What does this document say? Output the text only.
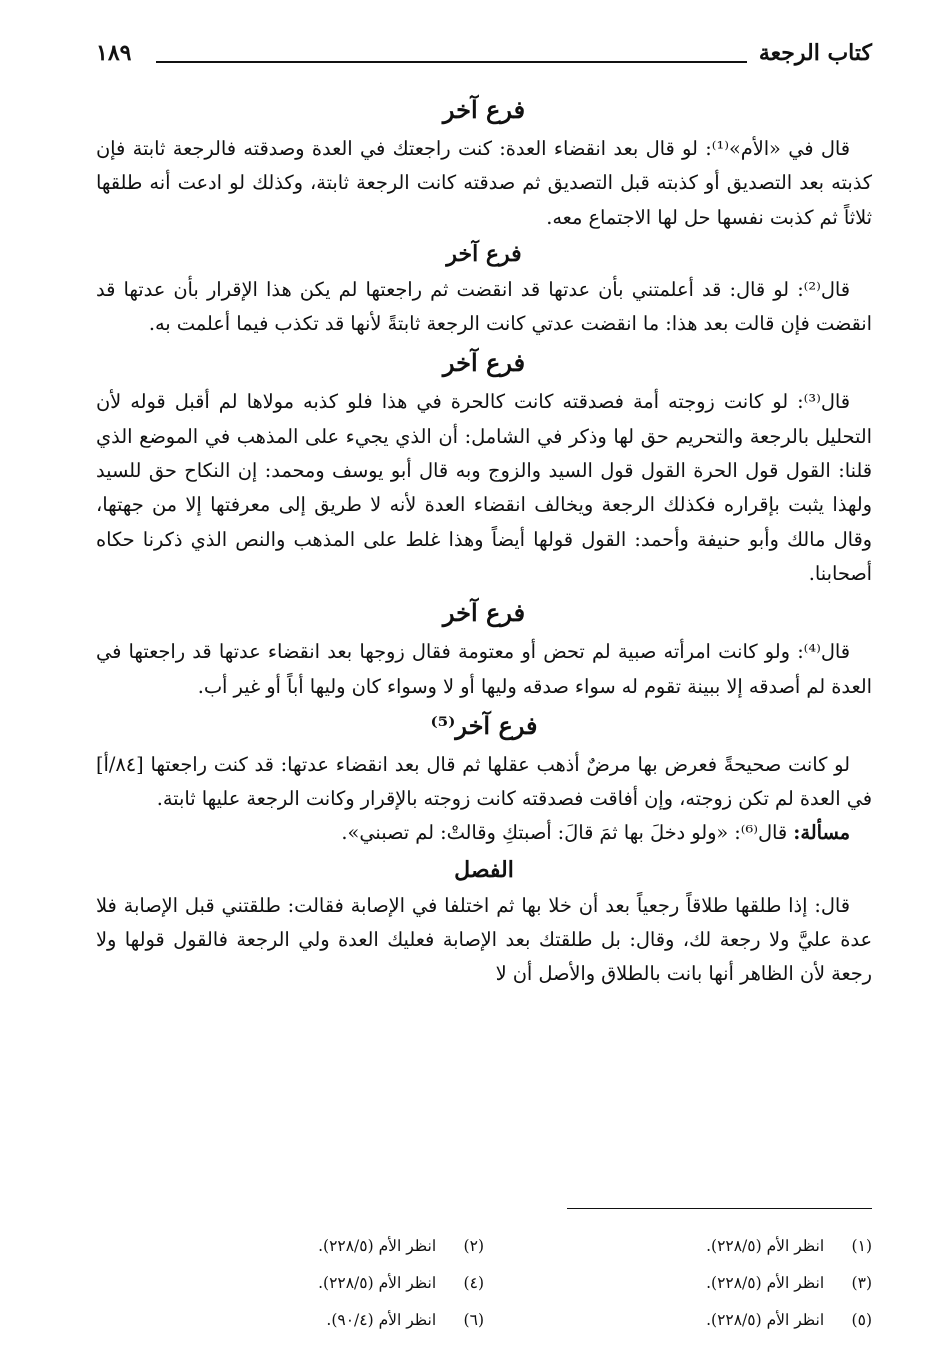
كتاب الرجعة
١٨٩
فرع آخر

قال في «الأم»⁽¹⁾: لو قال بعد انقضاء العدة: كنت راجعتك في العدة وصدقته فالرجعة ثابتة فإن كذبته بعد التصديق أو كذبته قبل التصديق ثم صدقته كانت الرجعة ثابتة، وكذلك لو ادعت أنه طلقها ثلاثاً ثم كذبت نفسها حل لها الاجتماع معه.

فرع آخر

قال⁽²⁾: لو قال: قد أعلمتني بأن عدتها قد انقضت ثم راجعتها لم يكن هذا الإقرار بأن عدتها قد انقضت فإن قالت بعد هذا: ما انقضت عدتي كانت الرجعة ثابتةً لأنها قد تكذب فيما أعلمت به.

فرع آخر

قال⁽³⁾: لو كانت زوجته أمة فصدقته كانت كالحرة في هذا فلو كذبه مولاها لم أقبل قوله لأن التحليل بالرجعة والتحريم حق لها وذكر في الشامل: أن الذي يجيء على المذهب في الموضع الذي قلنا: القول قول الحرة القول قول السيد والزوج وبه قال أبو يوسف ومحمد: إن النكاح حق للسيد ولهذا يثبت بإقراره فكذلك الرجعة ويخالف انقضاء العدة لأنه لا طريق إلى معرفتها إلا من جهتها، وقال مالك وأبو حنيفة وأحمد: القول قولها أيضاً وهذا غلط على المذهب والنص الذي ذكرنا حكاه أصحابنا.

فرع آخر

قال⁽⁴⁾: ولو كانت امرأته صبية لم تحض أو معتومة فقال زوجها بعد انقضاء عدتها قد راجعتها في العدة لم أصدقه إلا ببينة تقوم له سواء صدقه وليها أو لا وسواء كان وليها أباً أو غير أب.

فرع آخر⁽⁵⁾

لو كانت صحيحةً فعرض بها مرضٌ أذهب عقلها ثم قال بعد انقضاء عدتها: قد كنت راجعتها [٨٤/أ] في العدة لم تكن زوجته، وإن أفاقت فصدقته كانت زوجته بالإقرار وكانت الرجعة عليها ثابتة.

مسألة: قال⁽⁶⁾: «ولو دخلَ بها ثمَ قالَ: أصبتكِ وقالتْ: لم تصبني».

الفصل

قال: إذا طلقها طلاقاً رجعياً بعد أن خلا بها ثم اختلفا في الإصابة فقالت: طلقتني قبل الإصابة فلا عدة عليَّ ولا رجعة لك، وقال: بل طلقتك بعد الإصابة فعليك العدة ولي الرجعة فالقول قولها ولا رجعة لأن الظاهر أنها بانت بالطلاق والأصل أن لا

(١)  انظر الأم (٢٢٨/٥).
(٢)  انظر الأم (٢٢٨/٥).
(٣)  انظر الأم (٢٢٨/٥).
(٤)  انظر الأم (٢٢٨/٥).
(٥)  انظر الأم (٢٢٨/٥).
(٦)  انظر الأم (٩٠/٤).
